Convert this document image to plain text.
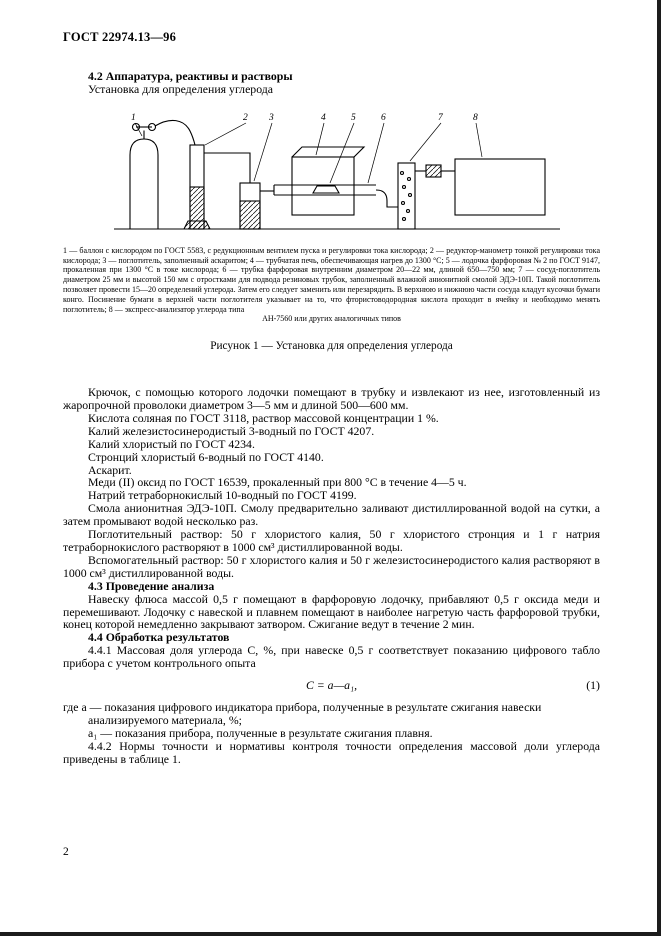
ГОСТ 22974.13—96

4.2 Аппаратура, реактивы и растворы

Установка для определения углерода

1	2 3	4	5	6	7	8
1 — баллон с кислородом по ГОСТ 5583, с редукционным вентилем пуска и регулировки тока кислорода; 2 — редуктор-манометр тонкой регулировки тока кислорода; 3 — поглотитель, заполненный аскаритом; 4 — трубчатая печь, обеспечивающая нагрев до 1300 °С; 5 — лодочка фарфоровая № 2 по ГОСТ 9147, прокаленная при 1300 °С в токе кислорода; 6 — трубка фарфоровая внутренним диаметром 20—22 мм, длиной 650—750 мм; 7 — сосуд-поглотитель диаметром 25 мм и высотой 150 мм с отростками для подвода резиновых трубок, заполненный влажной анионитной смолой ЭДЭ-10П. Такой поглотитель позволяет провести 15—20 определений углерода. Затем его следует заменить или перезарядить. В верхнюю и нижнюю части сосуда кладут кусочки бумаги конго. Посинение бумаги в верхней части поглотителя указывает на то, что фтористоводородная кислота проходит в ячейку и необходимо менять поглотитель; 8 — экспресс-анализатор углерода типа
АН-7560 или других аналогичных типов

Рисунок 1 — Установка для определения углерода

Крючок, с помощью которого лодочки помещают в трубку и извлекают из нее, изготовленный из жаропрочной проволоки диаметром 3—5 мм и длиной 500—600 мм.

Кислота соляная по ГОСТ 3118, раствор массовой концентрации 1 %.

Калий железистосинеродистый 3-водный по ГОСТ 4207.

Калий хлористый по ГОСТ 4234.

Стронций хлористый 6-водный по ГОСТ 4140.

Аскарит.

Меди (II) оксид по ГОСТ 16539, прокаленный при 800 °С в течение 4—5 ч.

Натрий тетраборнокислый 10-водный по ГОСТ 4199.

Смола анионитная ЭДЭ-10П. Смолу предварительно заливают дистиллированной водой на сутки, а затем промывают водой несколько раз.

Поглотительный раствор: 50 г хлористого калия, 50 г хлористого стронция и 1 г натрия тетраборнокислого растворяют в 1000 см³ дистиллированной воды.

Вспомогательный раствор: 50 г хлористого калия и 50 г железистосинеродистого калия растворяют в 1000 см³ дистиллированной воды.

4.3 Проведение анализа

Навеску флюса массой 0,5 г помещают в фарфоровую лодочку, прибавляют 0,5 г оксида меди и перемешивают. Лодочку с навеской и плавнем помещают в наиболее нагретую часть фарфоровой трубки, конец которой немедленно закрывают затвором. Сжигание ведут в течение 2 мин.

4.4 Обработка результатов

4.4.1 Массовая доля углерода С, %, при навеске 0,5 г соответствует показанию цифрового табло прибора с учетом контрольного опыта

С = а—а₁,	(1)

где а — показания цифрового индикатора прибора, полученные в результате сжигания навески анализируемого материала, %;

а₁ — показания прибора, полученные в результате сжигания плавня.

4.4.2 Нормы точности и нормативы контроля точности определения массовой доли углерода приведены в таблице 1.

2
